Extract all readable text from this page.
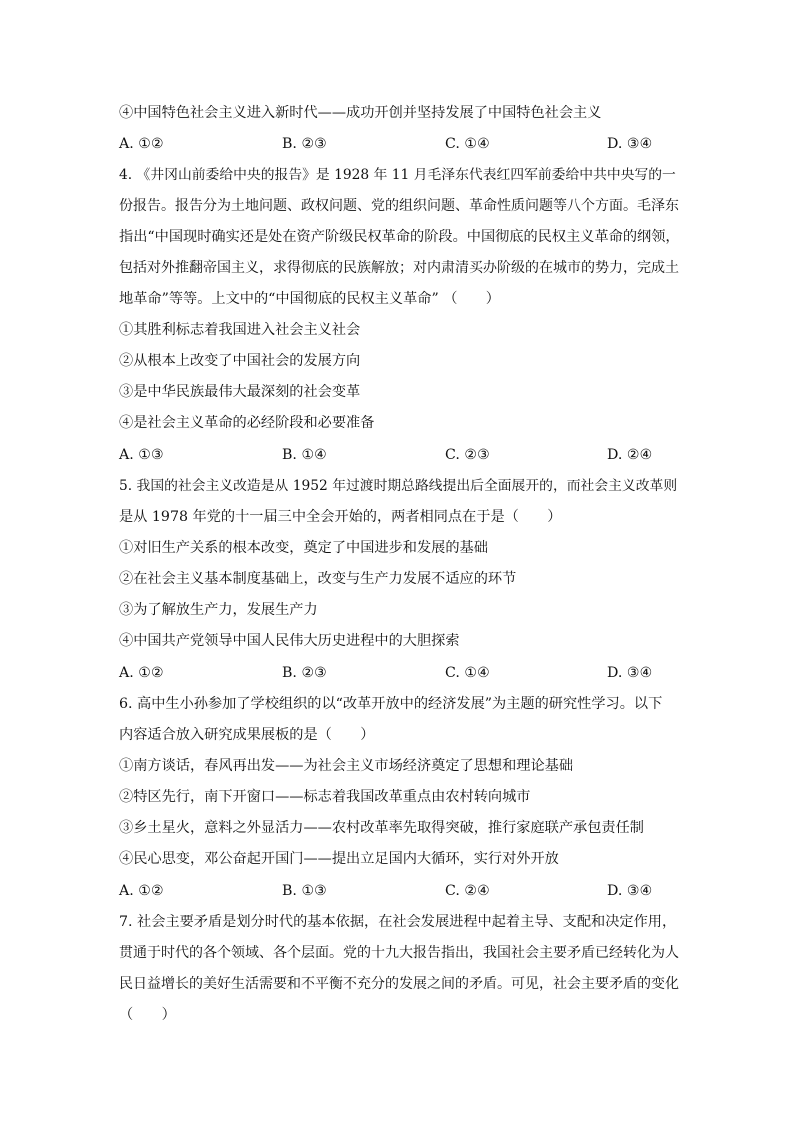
④中国特色社会主义进入新时代——成功开创并坚持发展了中国特色社会主义
A. ①②	B. ②③	C. ①④	D. ③④
4. 《井冈山前委给中央的报告》是 1928 年 11 月毛泽东代表红四军前委给中共中央写的一
份报告。报告分为土地问题、政权问题、党的组织问题、革命性质问题等八个方面。毛泽东
指出“中国现时确实还是处在资产阶级民权革命的阶段。中国彻底的民权主义革命的纲领，
包括对外推翻帝国主义，求得彻底的民族解放；对内肃清买办阶级的在城市的势力，完成土
地革命”等等。上文中的“中国彻底的民权主义革命” （　　）
①其胜利标志着我国进入社会主义社会
②从根本上改变了中国社会的发展方向
③是中华民族最伟大最深刻的社会变革
④是社会主义革命的必经阶段和必要准备
A. ①③	B. ①④	C. ②③	D. ②④
5. 我国的社会主义改造是从 1952 年过渡时期总路线提出后全面展开的，而社会主义改革则
是从 1978 年党的十一届三中全会开始的，两者相同点在于是（　　）
①对旧生产关系的根本改变，奠定了中国进步和发展的基础
②在社会主义基本制度基础上，改变与生产力发展不适应的环节
③为了解放生产力，发展生产力
④中国共产党领导中国人民伟大历史进程中的大胆探索
A. ①②	B. ②③	C. ①④	D. ③④
6. 高中生小孙参加了学校组织的以“改革开放中的经济发展”为主题的研究性学习。以下
内容适合放入研究成果展板的是（　　）
①南方谈话，春风再出发——为社会主义市场经济奠定了思想和理论基础
②特区先行，南下开窗口——标志着我国改革重点由农村转向城市
③乡土星火，意料之外显活力——农村改革率先取得突破，推行家庭联产承包责任制
④民心思变，邓公奋起开国门——提出立足国内大循环，实行对外开放
A. ①②	B. ①③	C. ②④	D. ③④
7. 社会主要矛盾是划分时代的基本依据，在社会发展进程中起着主导、支配和决定作用，
贯通于时代的各个领域、各个层面。党的十九大报告指出，我国社会主要矛盾已经转化为人
民日益增长的美好生活需要和不平衡不充分的发展之间的矛盾。可见，社会主要矛盾的变化
（　　）
